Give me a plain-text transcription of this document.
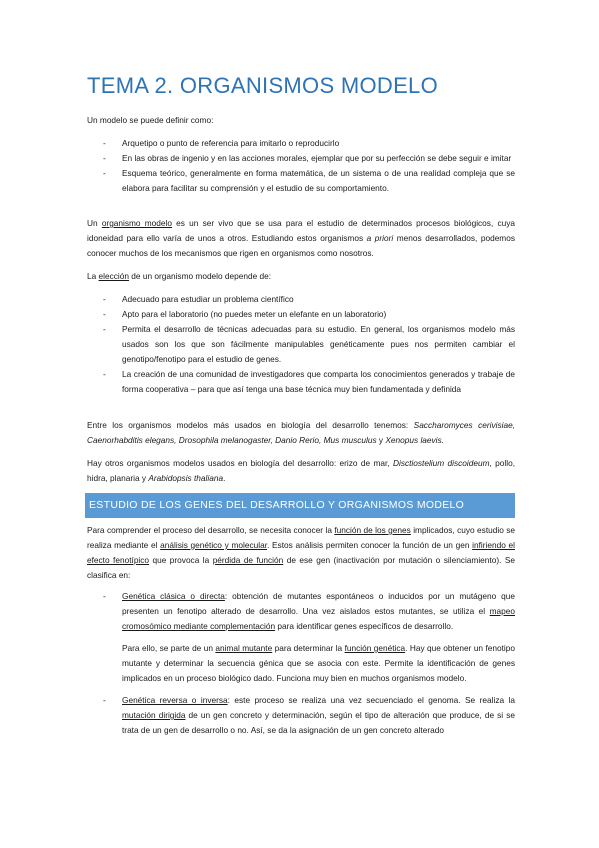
TEMA 2. ORGANISMOS MODELO
Un modelo se puede definir como:
- Arquetipo o punto de referencia para imitarlo o reproducirlo
- En las obras de ingenio y en las acciones morales, ejemplar que por su perfección se debe seguir e imitar
- Esquema teórico, generalmente en forma matemática, de un sistema o de una realidad compleja que se elabora para facilitar su comprensión y el estudio de su comportamiento.
Un organismo modelo es un ser vivo que se usa para el estudio de determinados procesos biológicos, cuya idoneidad para ello varía de unos a otros. Estudiando estos organismos a priori menos desarrollados, podemos conocer muchos de los mecanismos que rigen en organismos como nosotros.
La elección de un organismo modelo depende de:
- Adecuado para estudiar un problema científico
- Apto para el laboratorio (no puedes meter un elefante en un laboratorio)
- Permita el desarrollo de técnicas adecuadas para su estudio. En general, los organismos modelo más usados son los que son fácilmente manipulables genéticamente pues nos permiten cambiar el genotipo/fenotipo para el estudio de genes.
- La creación de una comunidad de investigadores que comparta los conocimientos generados y trabaje de forma cooperativa – para que así tenga una base técnica muy bien fundamentada y definida
Entre los organismos modelos más usados en biología del desarrollo tenemos: Saccharomyces cerivisiae, Caenorhabditis elegans, Drosophila melanogaster, Danio Rerio, Mus musculus y Xenopus laevis.
Hay otros organismos modelos usados en biología del desarrollo: erizo de mar, Disctiostelium discoideum, pollo, hidra, planaria y Arabidopsis thaliana.
ESTUDIO DE LOS GENES DEL DESARROLLO Y ORGANISMOS MODELO
Para comprender el proceso del desarrollo, se necesita conocer la función de los genes implicados, cuyo estudio se realiza mediante el análisis genético y molecular. Estos análisis permiten conocer la función de un gen infiriendo el efecto fenotípico que provoca la pérdida de función de ese gen (inactivación por mutación o silenciamiento). Se clasifica en:
- Genética clásica o directa: obtención de mutantes espontáneos o inducidos por un mutágeno que presenten un fenotipo alterado de desarrollo. Una vez aislados estos mutantes, se utiliza el mapeo cromosómico mediante complementación para identificar genes específicos de desarrollo.
Para ello, se parte de un animal mutante para determinar la función genética. Hay que obtener un fenotipo mutante y determinar la secuencia génica que se asocia con este. Permite la identificación de genes implicados en un proceso biológico dado. Funciona muy bien en muchos organismos modelo.
- Genética reversa o inversa: este proceso se realiza una vez secuenciado el genoma. Se realiza la mutación dirigida de un gen concreto y determinación, según el tipo de alteración que produce, de si se trata de un gen de desarrollo o no. Así, se da la asignación de un gen concreto alterado
